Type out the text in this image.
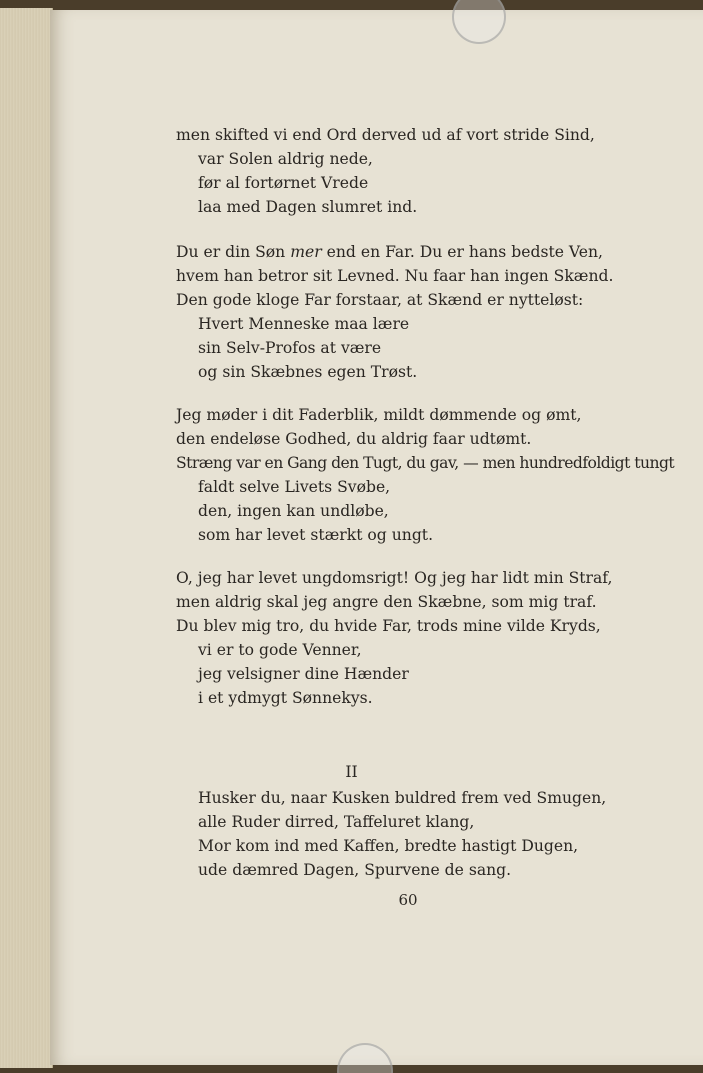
men skifted vi end Ord derved ud af vort stride Sind,
var Solen aldrig nede,
før al fortørnet Vrede
laa med Dagen slumret ind.
Du er din Søn mer end en Far. Du er hans bedste Ven,
hvem han betror sit Levned. Nu faar han ingen Skænd.
Den gode kloge Far forstaar, at Skænd er nytteløst:
Hvert Menneske maa lære
sin Selv-Profos at være
og sin Skæbnes egen Trøst.
Jeg møder i dit Faderblik, mildt dømmende og ømt,
den endeløse Godhed, du aldrig faar udtømt.
Stræng var en Gang den Tugt, du gav, — men hundredfoldigt tungt
faldt selve Livets Svøbe,
den, ingen kan undløbe,
som har levet stærkt og ungt.
O, jeg har levet ungdomsrigt! Og jeg har lidt min Straf,
men aldrig skal jeg angre den Skæbne, som mig traf.
Du blev mig tro, du hvide Far, trods mine vilde Kryds,
vi er to gode Venner,
jeg velsigner dine Hænder
i et ydmygt Sønnekys.
II
Husker du, naar Kusken buldred frem ved Smugen,
alle Ruder dirred, Taffeluret klang,
Mor kom ind med Kaffen, bredte hastigt Dugen,
ude dæmred Dagen, Spurvene de sang.
60
